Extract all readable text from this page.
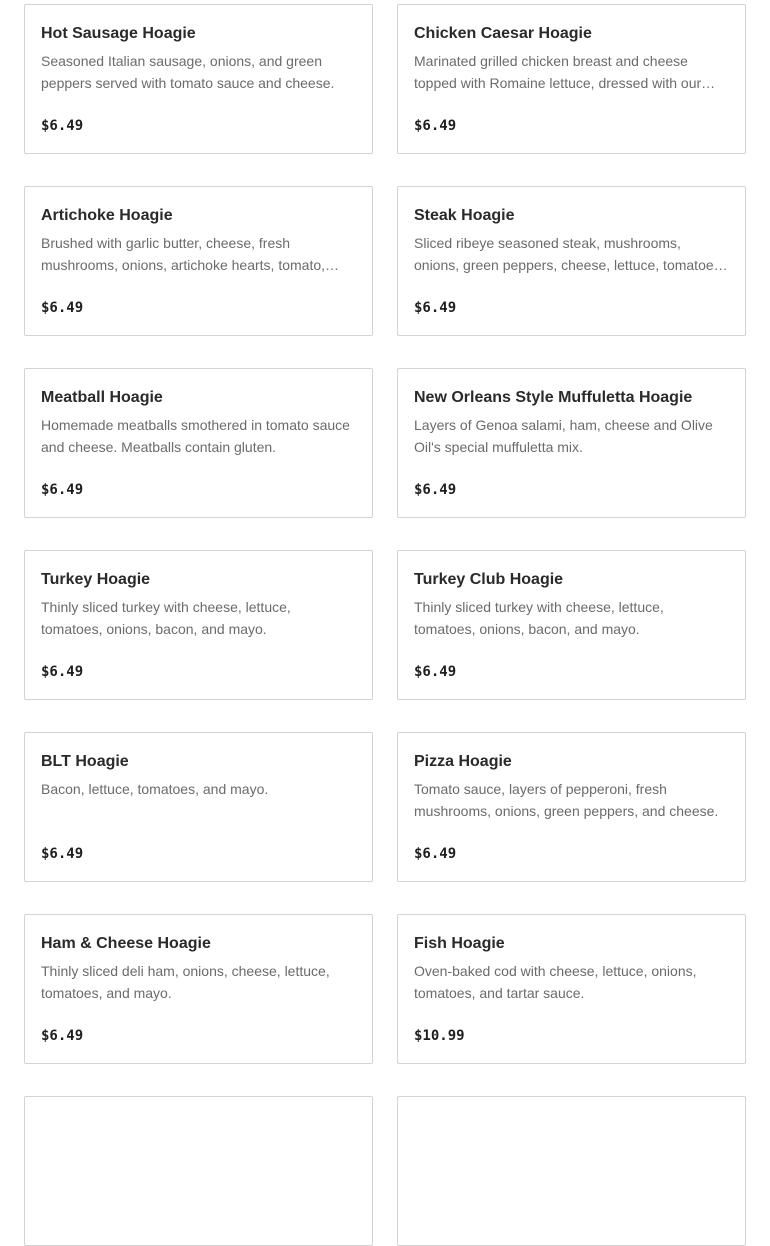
Hot Sausage Hoagie
Seasoned Italian sausage, onions, and green peppers served with tomato sauce and cheese.
$6.49
Chicken Caesar Hoagie
Marinated grilled chicken breast and cheese topped with Romaine lettuce, dressed with our…
$6.49
Artichoke Hoagie
Brushed with garlic butter, cheese, fresh mushrooms, onions, artichoke hearts, tomato,…
$6.49
Steak Hoagie
Sliced ribeye seasoned steak, mushrooms, onions, green peppers, cheese, lettuce, tomatoe…
$6.49
Meatball Hoagie
Homemade meatballs smothered in tomato sauce and cheese. Meatballs contain gluten.
$6.49
New Orleans Style Muffuletta Hoagie
Layers of Genoa salami, ham, cheese and Olive Oil's special muffuletta mix.
$6.49
Turkey Hoagie
Thinly sliced turkey with cheese, lettuce, tomatoes, onions, bacon, and mayo.
$6.49
Turkey Club Hoagie
Thinly sliced turkey with cheese, lettuce, tomatoes, onions, bacon, and mayo.
$6.49
BLT Hoagie
Bacon, lettuce, tomatoes, and mayo.
$6.49
Pizza Hoagie
Tomato sauce, layers of pepperoni, fresh mushrooms, onions, green peppers, and cheese.
$6.49
Ham & Cheese Hoagie
Thinly sliced deli ham, onions, cheese, lettuce, tomatoes, and mayo.
$6.49
Fish Hoagie
Oven-baked cod with cheese, lettuce, onions, tomatoes, and tartar sauce.
$10.99
